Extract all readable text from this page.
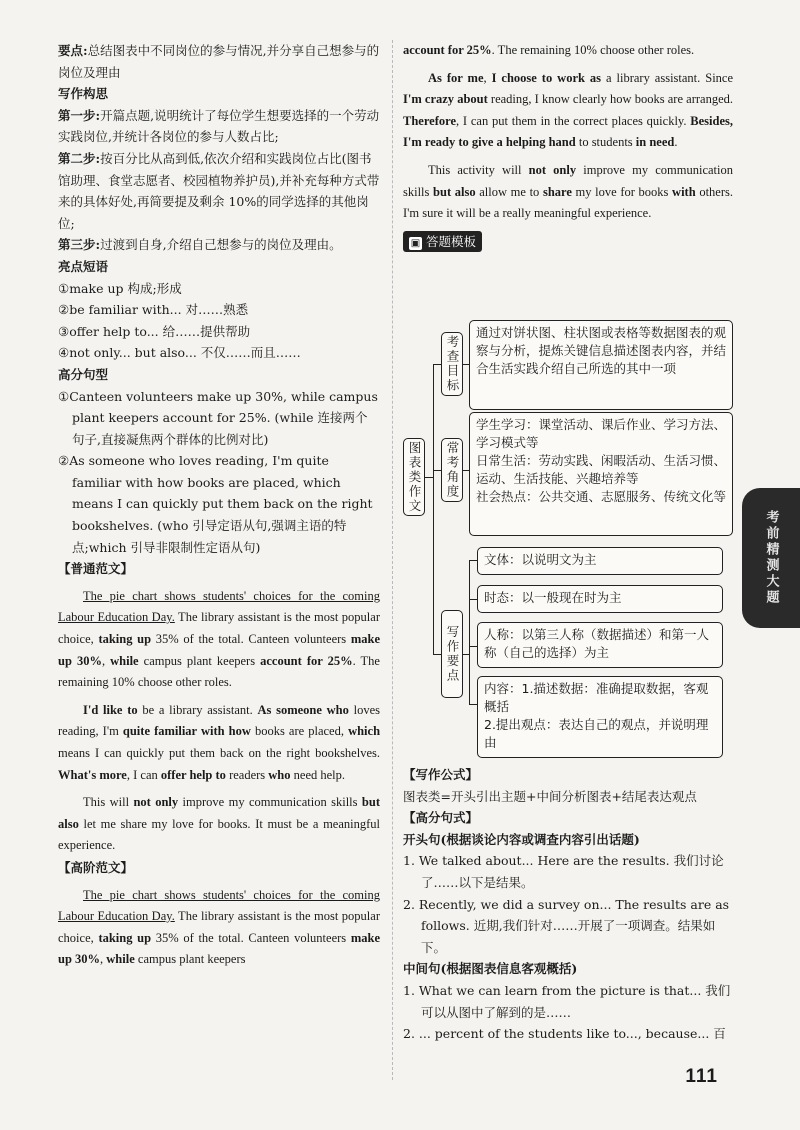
要点:总结图表中不同岗位的参与情况,并分享自己想参与的岗位及理由

写作构思

第一步:开篇点题,说明统计了每位学生想要选择的一个劳动实践岗位,并统计各岗位的参与人数占比;

第二步:按百分比从高到低,依次介绍和实践岗位占比(图书馆助理、食堂志愿者、校园植物养护员),并补充每种方式带来的具体好处,再简要提及剩余 10%的同学选择的其他岗位;

第三步:过渡到自身,介绍自己想参与的岗位及理由。

亮点短语

①make up 构成;形成

②be familiar with... 对……熟悉

③offer help to... 给……提供帮助

④not only... but also... 不仅……而且……

高分句型

①Canteen volunteers make up 30%, while campus plant keepers account for 25%. (while 连接两个句子,直接凝焦两个群体的比例对比)

②As someone who loves reading, I'm quite familiar with how books are placed, which means I can quickly put them back on the right bookshelves. (who 引导定语从句,强调主语的特点;which 引导非限制性定语从句)

【普通范文】

The pie chart shows students' choices for the coming Labour Education Day. The library assistant is the most popular choice, taking up 35% of the total. Canteen volunteers make up 30%, while campus plant keepers account for 25%. The remaining 10% choose other roles.

I'd like to be a library assistant. As someone who loves reading, I'm quite familiar with how books are placed, which means I can quickly put them back on the right bookshelves. What's more, I can offer help to readers who need help.

This will not only improve my communication skills but also let me share my love for books. It must be a meaningful experience.

【高阶范文】

The pie chart shows students' choices for the coming Labour Education Day. The library assistant is the most popular choice, taking up 35% of the total. Canteen volunteers make up 30%, while campus plant keepers

account for 25%. The remaining 10% choose other roles.

As for me, I choose to work as a library assistant. Since I'm crazy about reading, I know clearly how books are arranged. Therefore, I can put them in the correct places quickly. Besides, I'm ready to give a helping hand to students in need.

This activity will not only improve my communication skills but also allow me to share my love for books with others. I'm sure it will be a really meaningful experience.

▣ 答题模板
图表类作文
考查目标
通过对饼状图、柱状图或表格等数据图表的观察与分析，提炼关键信息描述图表内容，并结合生活实践介绍自己所选的其中一项
常考角度
学生学习：课堂活动、课后作业、学习方法、学习模式等
日常生活：劳动实践、闲暇活动、生活习惯、运动、生活技能、兴趣培养等
社会热点：公共交通、志愿服务、传统文化等
写作要点
文体：以说明文为主
时态：以一般现在时为主
人称：以第三人称（数据描述）和第一人称（自己的选择）为主
内容：1.描述数据：准确提取数据，客观概括
2.提出观点：表达自己的观点，并说明理由

【写作公式】

图表类=开头引出主题+中间分析图表+结尾表达观点

【高分句式】

开头句(根据谈论内容或调查内容引出话题)

1. We talked about... Here are the results. 我们讨论了……以下是结果。

2. Recently, we did a survey on... The results are as follows. 近期,我们针对……开展了一项调查。结果如下。

中间句(根据图表信息客观概括)

1. What we can learn from the picture is that... 我们可以从图中了解到的是……

2. ... percent of the students like to..., because... 百

考前精测大题
111
